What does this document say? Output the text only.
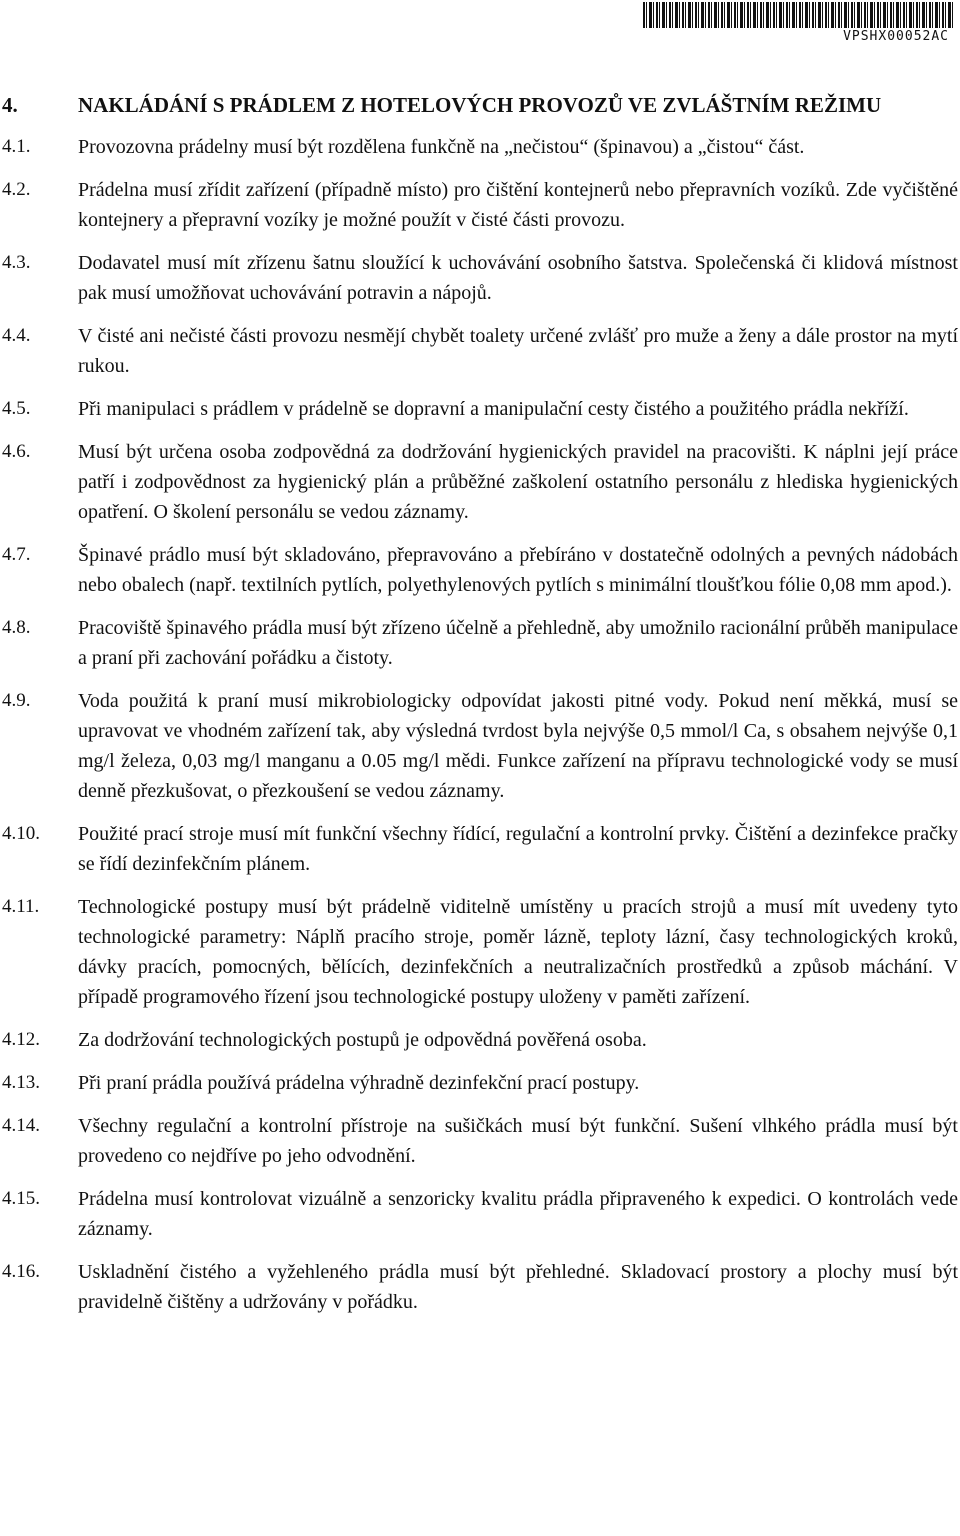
VPSHX00052AC
4.	NAKLÁDÁNÍ S PRÁDLEM Z HOTELOVÝCH PROVOZŮ VE ZVLÁŠTNÍM REŽIMU
4.1.	Provozovna prádelny musí být rozdělena funkčně na „nečistou“ (špinavou) a „čistou“ část.
4.2.	Prádelna musí zřídit zařízení (případně místo) pro čištění kontejnerů nebo přepravních vozíků. Zde vyčištěné kontejnery a přepravní vozíky je možné použít v čisté části provozu.
4.3.	Dodavatel musí mít zřízenu šatnu sloužící k uchovávání osobního šatstva. Společenská či klidová místnost pak musí umožňovat uchovávání potravin a nápojů.
4.4.	V čisté ani nečisté části provozu nesmějí chybět toalety určené zvlášť pro muže a ženy a dále prostor na mytí rukou.
4.5.	Při manipulaci s prádlem v prádelně se dopravní a manipulační cesty čistého a použitého prádla nekříží.
4.6.	Musí být určena osoba zodpovědná za dodržování hygienických pravidel na pracovišti. K náplni její práce patří i zodpovědnost za hygienický plán a průběžné zaškolení ostatního personálu z hlediska hygienických opatření. O školení personálu se vedou záznamy.
4.7.	Špinavé prádlo musí být skladováno, přepravováno a přebíráno v dostatečně odolných a pevných nádobách nebo obalech (např. textilních pytlích, polyethylenových pytlích s minimální tloušťkou fólie 0,08 mm apod.).
4.8.	Pracoviště špinavého prádla musí být zřízeno účelně a přehledně, aby umožnilo racionální průběh manipulace a praní při zachování pořádku a čistoty.
4.9.	Voda použitá k praní musí mikrobiologicky odpovídat jakosti pitné vody. Pokud není měkká, musí se upravovat ve vhodném zařízení tak, aby výsledná tvrdost byla nejvýše 0,5 mmol/l Ca, s obsahem nejvýše 0,1 mg/l železa, 0,03 mg/l manganu a 0.05 mg/l mědi. Funkce zařízení na přípravu technologické vody se musí denně přezkušovat, o přezkoušení se vedou záznamy.
4.10.	Použité prací stroje musí mít funkční všechny řídící, regulační a kontrolní prvky. Čištění a dezinfekce pračky se řídí dezinfekčním plánem.
4.11.	Technologické postupy musí být prádelně viditelně umístěny u pracích strojů a musí mít uvedeny tyto technologické parametry: Náplň pracího stroje, poměr lázně, teploty lázní, časy technologických kroků, dávky pracích, pomocných, bělících, dezinfekčních a neutralizačních prostředků a způsob máchání. V případě programového řízení jsou technologické postupy uloženy v paměti zařízení.
4.12.	Za dodržování technologických postupů je odpovědná pověřená osoba.
4.13.	Při praní prádla používá prádelna výhradně dezinfekční prací postupy.
4.14.	Všechny regulační a kontrolní přístroje na sušičkách musí být funkční. Sušení vlhkého prádla musí být provedeno co nejdříve po jeho odvodnění.
4.15.	Prádelna musí kontrolovat vizuálně a senzoricky kvalitu prádla připraveného k expedici. O kontrolách vede záznamy.
4.16.	Uskladnění čistého a vyžehleného prádla musí být přehledné. Skladovací prostory a plochy musí být pravidelně čištěny a udržovány v pořádku.
